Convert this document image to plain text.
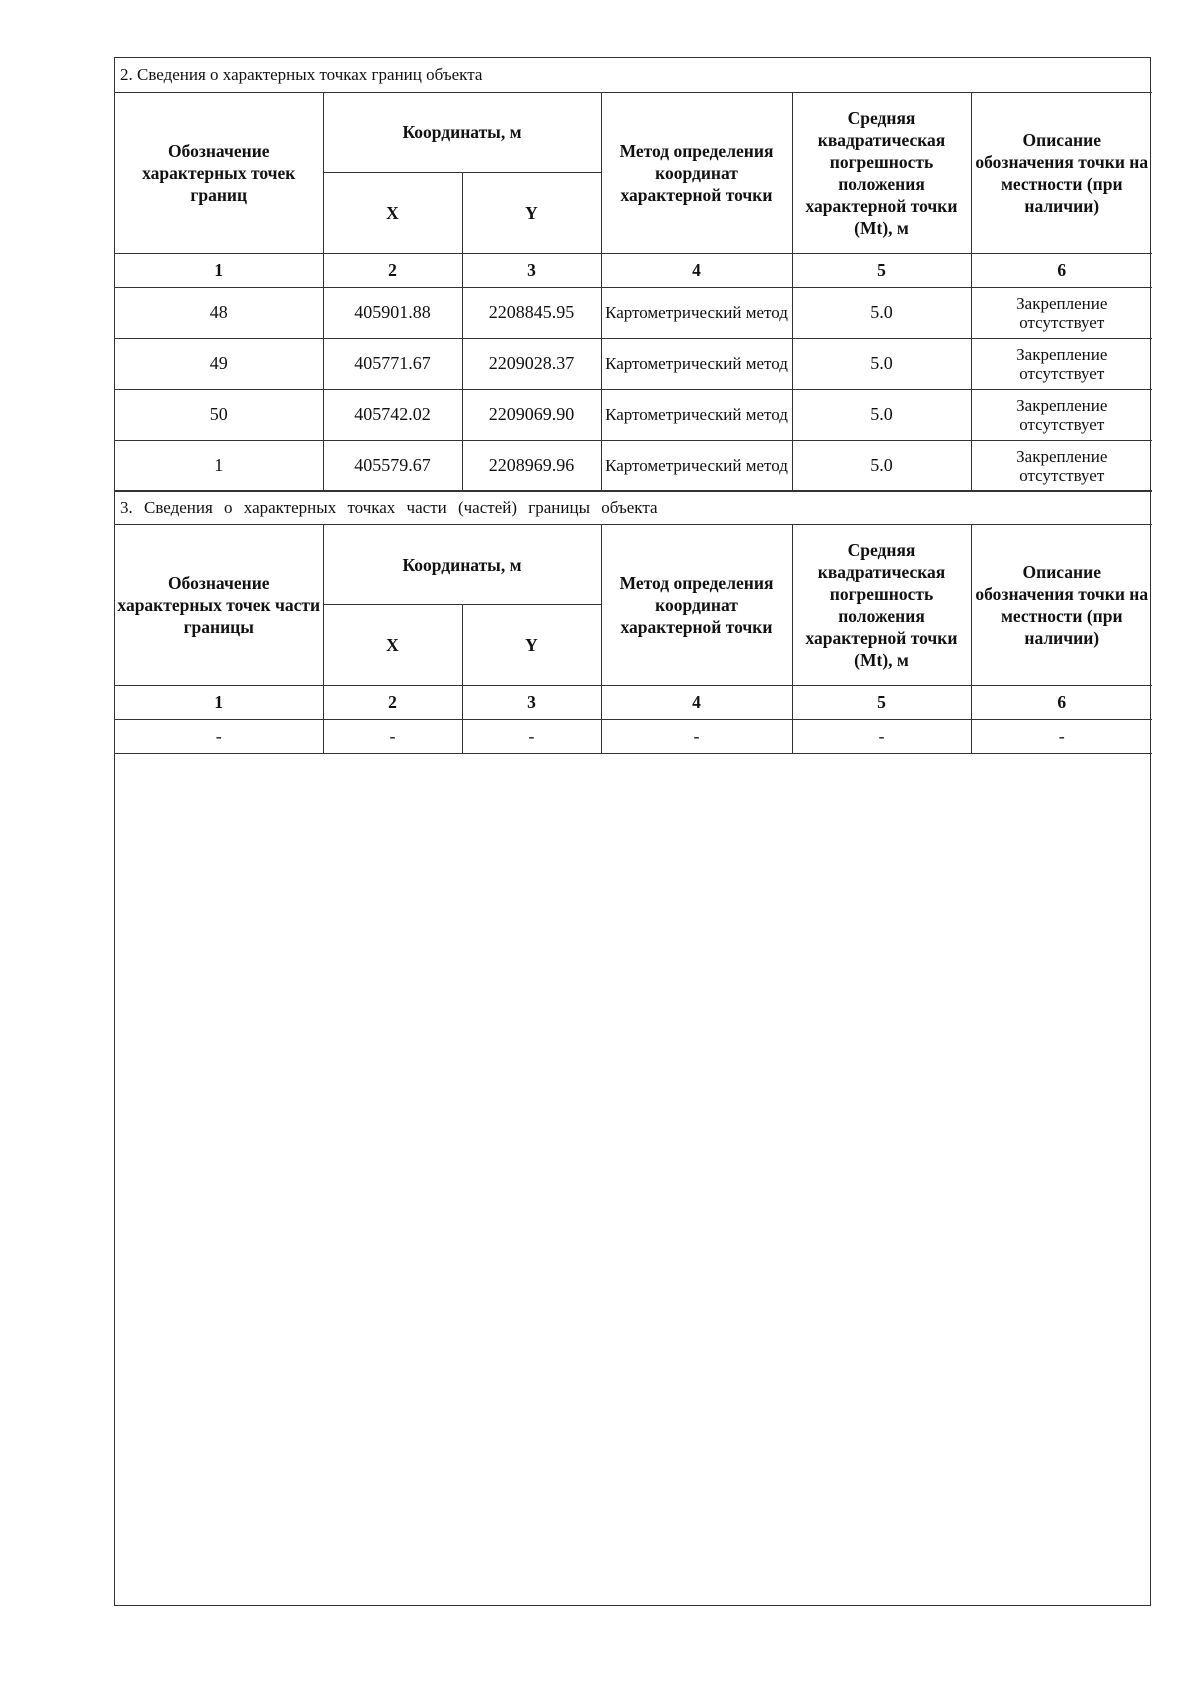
2. Сведения о характерных точках границ объекта					
Обозначение характерных точек границ	Координаты, м		Метод определения координат характерной точки	Средняя квадратическая погрешность положения характерной точки (Mt), м	Описание обозначения точки на местности (при наличии)
	X	Y			
1	2	3	4	5	6
48	405901.88	2208845.95	Картометрический метод	5.0	Закрепление отсутствует
49	405771.67	2209028.37	Картометрический метод	5.0	Закрепление отсутствует
50	405742.02	2209069.90	Картометрический метод	5.0	Закрепление отсутствует
1	405579.67	2208969.96	Картометрический метод	5.0	Закрепление отсутствует
3. Сведения о характерных точках части (частей) границы объекта					
Обозначение характерных точек части границы	Координаты, м		Метод определения координат характерной точки	Средняя квадратическая погрешность положения характерной точки (Mt), м	Описание обозначения точки на местности (при наличии)
	X	Y			
1	2	3	4	5	6
-	-	-	-	-	-
